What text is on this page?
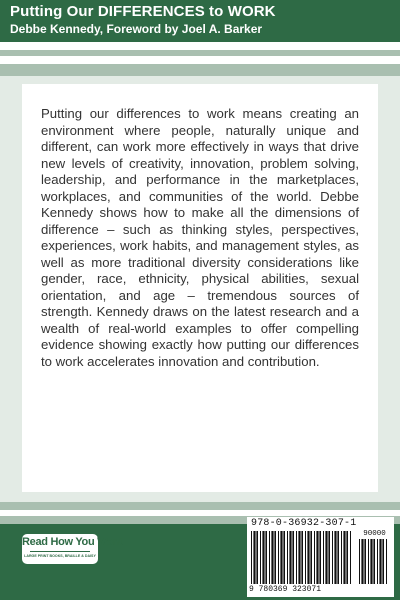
Putting Our DIFFERENCES to WORK
Debbe Kennedy, Foreword by Joel A. Barker

Putting our differences to work means creating an environment where people, naturally unique and different, can work more effectively in ways that drive new levels of creativity, innovation, problem solving, leadership, and performance in the marketplaces, workplaces, and communities of the world. Debbe Kennedy shows how to make all the dimensions of difference – such as thinking styles, perspectives, experiences, work habits, and management styles, as well as more traditional diversity considerations like gender, race, ethnicity, physical abilities, sexual orientation, and age – tremendous sources of strength. Kennedy draws on the latest research and a wealth of real-world examples to offer compelling evidence showing exactly how putting our differences to work accelerates innovation and contribution.

Read How You Want
LARGE PRINT BOOKS, BRAILLE & DAISY
978-0-36932-307-1
90000
9 780369 323071
